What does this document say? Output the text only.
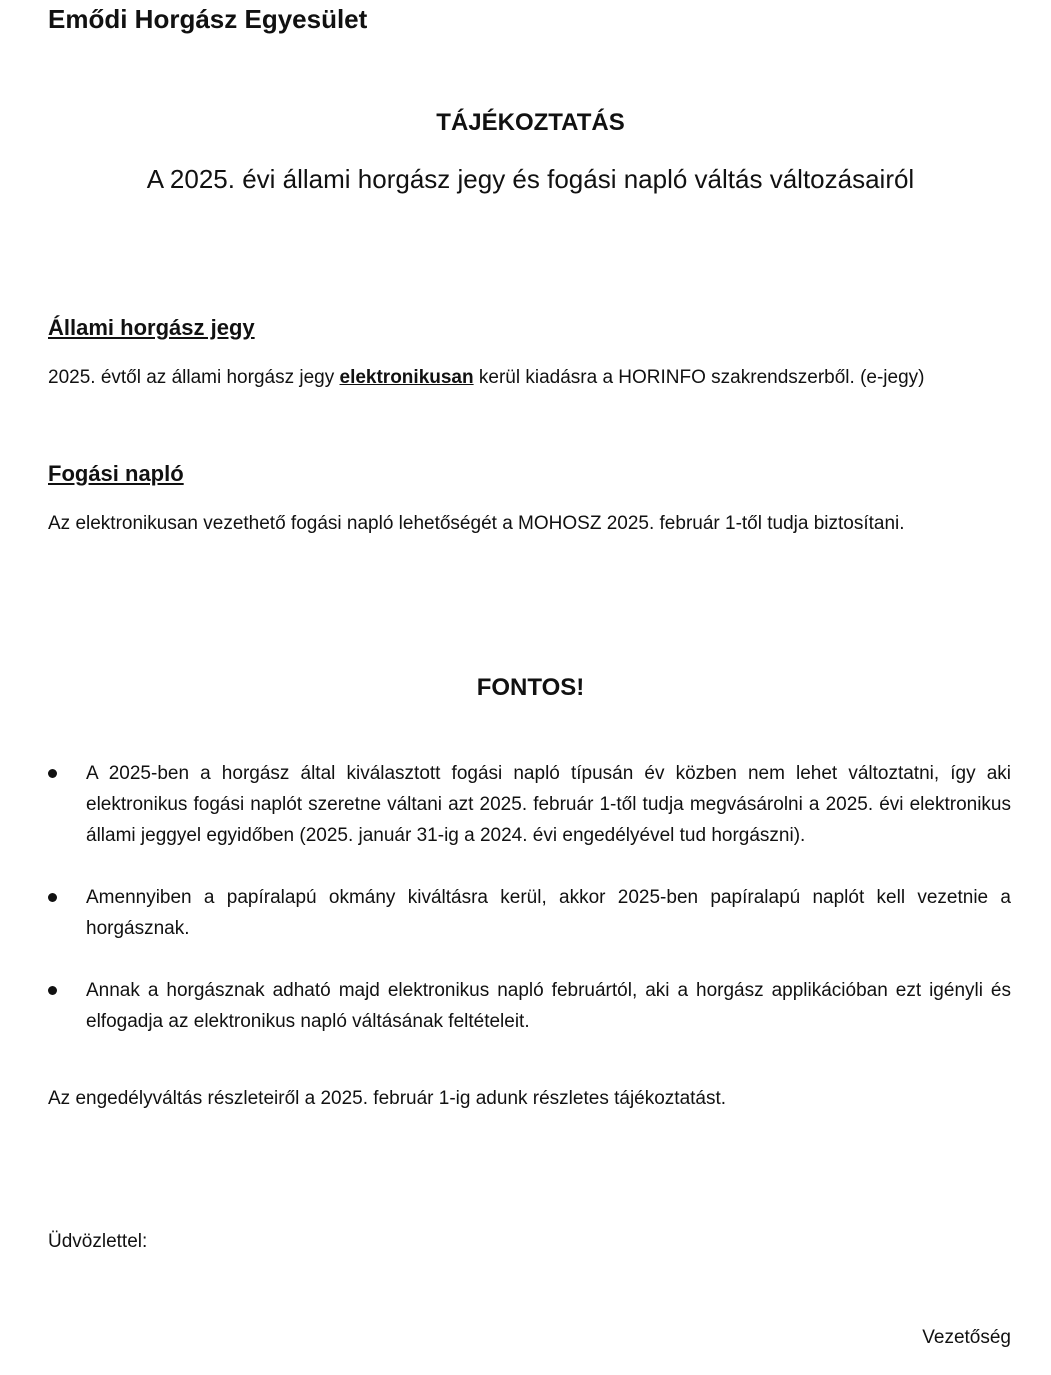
Emődi Horgász Egyesület

TÁJÉKOZTATÁS

A 2025. évi állami horgász jegy és fogási napló váltás változásairól

Állami horgász jegy

2025. évtől az állami horgász jegy elektronikusan kerül kiadásra a HORINFO szakrendszerből. (e-jegy)

Fogási napló

Az elektronikusan vezethető fogási napló lehetőségét a MOHOSZ 2025. február 1-től tudja biztosítani.

FONTOS!

A 2025-ben a horgász által kiválasztott fogási napló típusán év közben nem lehet változtatni, így aki elektronikus fogási naplót szeretne váltani azt 2025. február 1-től tudja megvásárolni a 2025. évi elektronikus állami jeggyel egyidőben (2025. január 31-ig a 2024. évi engedélyével tud horgászni).
Amennyiben a papíralapú okmány kiváltásra kerül, akkor 2025-ben papíralapú naplót kell vezetnie a horgásznak.
Annak a horgásznak adható majd elektronikus napló februártól, aki a horgász applikációban ezt igényli és elfogadja az elektronikus napló váltásának feltételeit.

Az engedélyváltás részleteiről a 2025. február 1-ig adunk részletes tájékoztatást.

Üdvözlettel:

Vezetőség
